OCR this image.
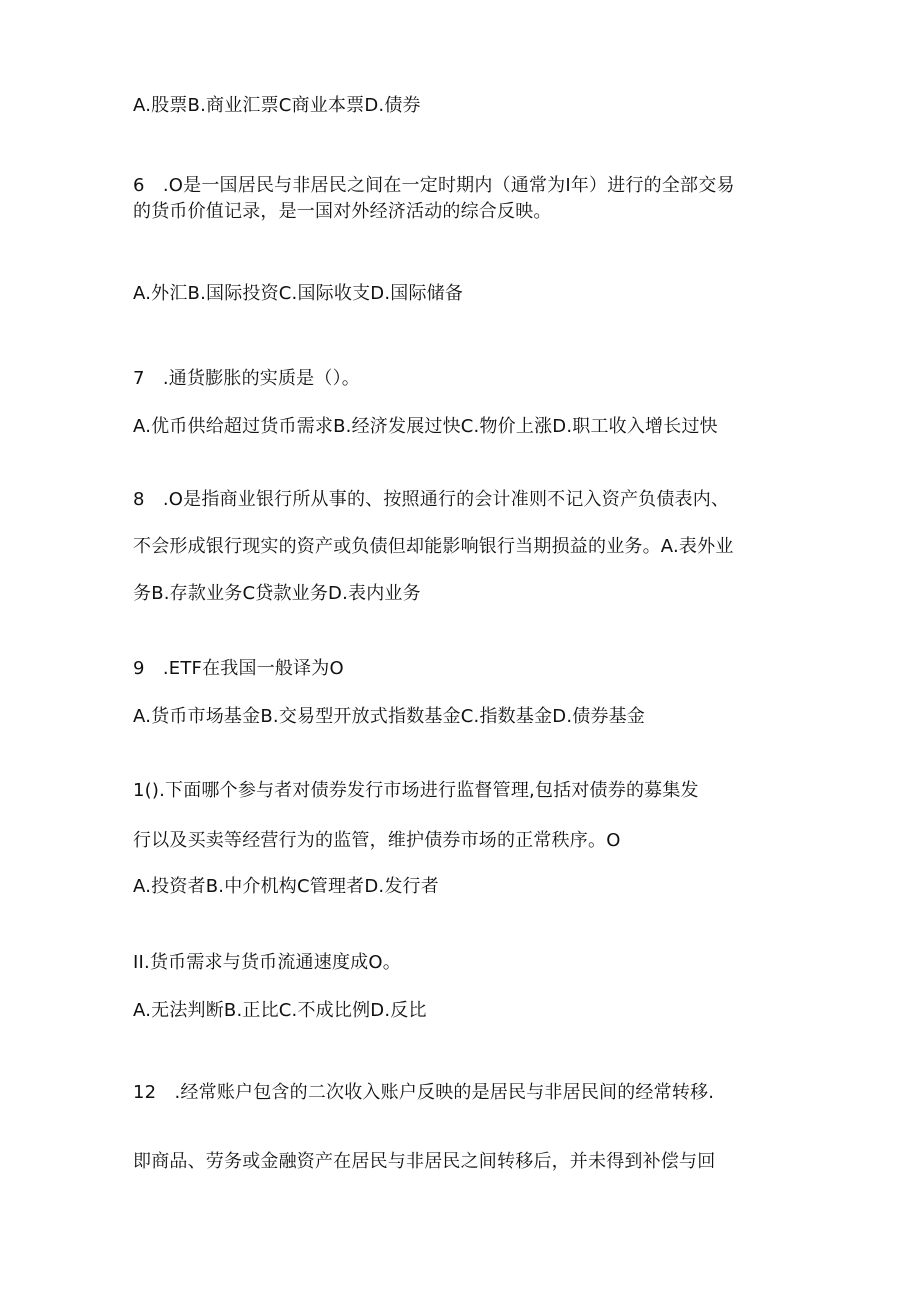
A.股票B.商业汇票C商业本票D.债券
6　.O是一国居民与非居民之间在一定时期内（通常为I年）进行的全部交易
的货币价值记录，是一国对外经济活动的综合反映。
A.外汇B.国际投资C.国际收支D.国际储备
7　.通货膨胀的实质是（）。
A.优币供给超过货币需求B.经济发展过快C.物价上涨D.职工收入增长过快
8　.O是指商业银行所从事的、按照通行的会计准则不记入资产负债表内、
不会形成银行现实的资产或负债但却能影响银行当期损益的业务。A.表外业
务B.存款业务C贷款业务D.表内业务
9　.ETF在我国一般译为O
A.货币市场基金B.交易型开放式指数基金C.指数基金D.债券基金
1().下面哪个参与者对债券发行市场进行监督管理,包括对债券的募集发
行以及买卖等经营行为的监管，维护债券市场的正常秩序。O
A.投资者B.中介机构C管理者D.发行者
II.货币需求与货币流通速度成O。
A.无法判断B.正比C.不成比例D.反比
12　.经常账户包含的二次收入账户反映的是居民与非居民间的经常转移.
即商品、劳务或金融资产在居民与非居民之间转移后，并未得到补偿与回
